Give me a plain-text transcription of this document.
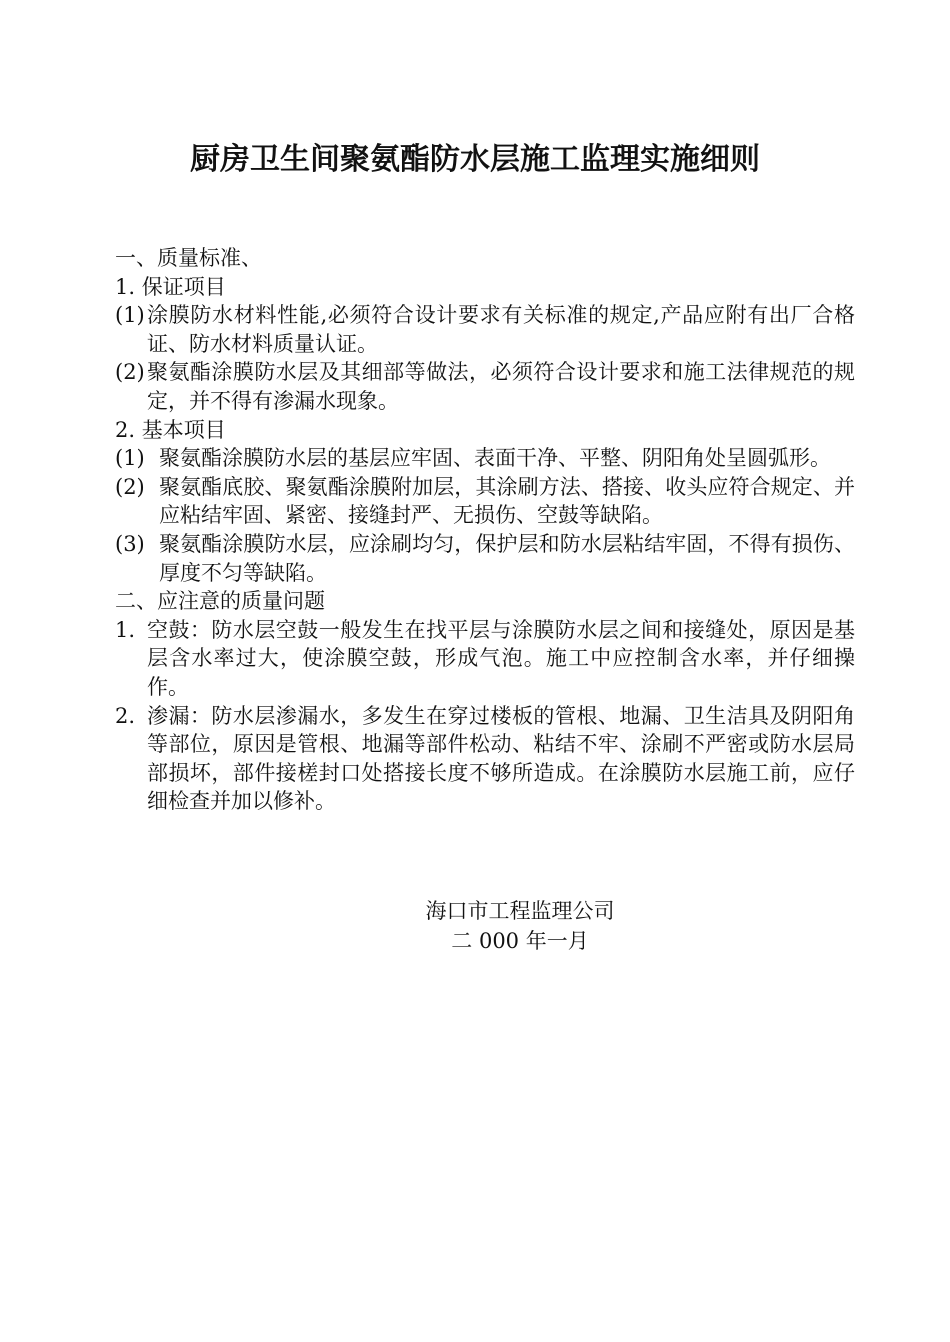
厨房卫生间聚氨酯防水层施工监理实施细则

一、质量标准、

1. 保证项目

(1) 涂膜防水材料性能,必须符合设计要求有关标准的规定,产品应附有出厂合格证、防水材料质量认证。
(2) 聚氨酯涂膜防水层及其细部等做法，必须符合设计要求和施工法律规范的规定，并不得有渗漏水现象。

2. 基本项目

(1) 聚氨酯涂膜防水层的基层应牢固、表面干净、平整、阴阳角处呈圆弧形。
(2) 聚氨酯底胶、聚氨酯涂膜附加层，其涂刷方法、搭接、收头应符合规定、并应粘结牢固、紧密、接缝封严、无损伤、空鼓等缺陷。
(3) 聚氨酯涂膜防水层，应涂刷均匀，保护层和防水层粘结牢固，不得有损伤、厚度不匀等缺陷。

二、应注意的质量问题

1. 空鼓：防水层空鼓一般发生在找平层与涂膜防水层之间和接缝处，原因是基层含水率过大，使涂膜空鼓，形成气泡。施工中应控制含水率，并仔细操作。
2. 渗漏：防水层渗漏水，多发生在穿过楼板的管根、地漏、卫生洁具及阴阳角等部位，原因是管根、地漏等部件松动、粘结不牢、涂刷不严密或防水层局部损坏，部件接槎封口处搭接长度不够所造成。在涂膜防水层施工前，应仔细检查并加以修补。
海口市工程监理公司
二 000 年一月
